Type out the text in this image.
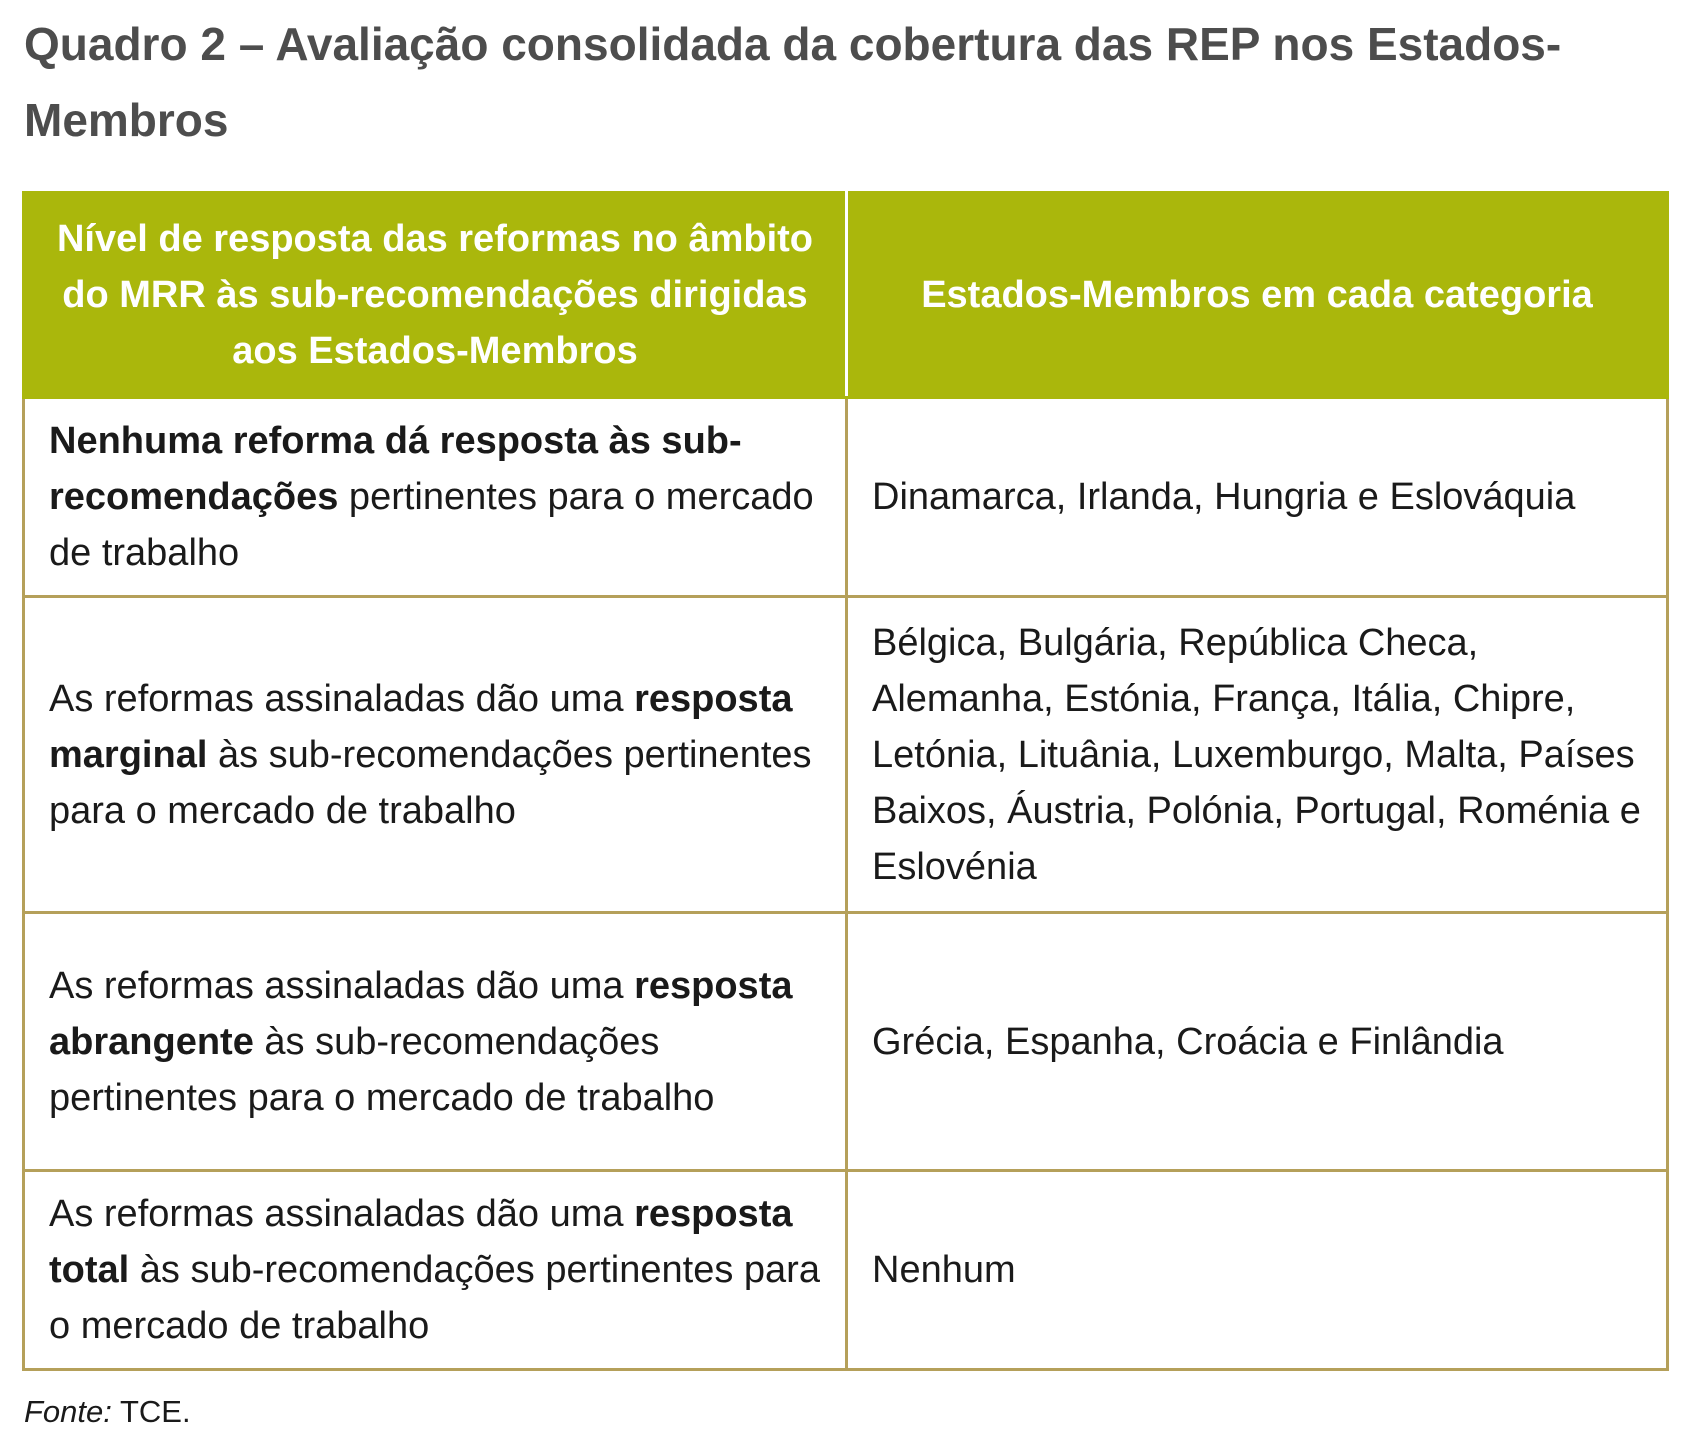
Quadro 2 – Avaliação consolidada da cobertura das REP nos Estados-Membros
Nível de resposta das reformas no âmbito do MRR às sub-recomendações dirigidas aos Estados-Membros	Estados-Membros em cada categoria
Nenhuma reforma dá resposta às sub-recomendações pertinentes para o mercado de trabalho	Dinamarca, Irlanda, Hungria e Eslováquia
As reformas assinaladas dão uma resposta marginal às sub-recomendações pertinentes para o mercado de trabalho	Bélgica, Bulgária, República Checa, Alemanha, Estónia, França, Itália, Chipre, Letónia, Lituânia, Luxemburgo, Malta, Países Baixos, Áustria, Polónia, Portugal, Roménia e Eslovénia
As reformas assinaladas dão uma resposta abrangente às sub-recomendações pertinentes para o mercado de trabalho	Grécia, Espanha, Croácia e Finlândia
As reformas assinaladas dão uma resposta total às sub-recomendações pertinentes para o mercado de trabalho	Nenhum
Fonte: TCE.
